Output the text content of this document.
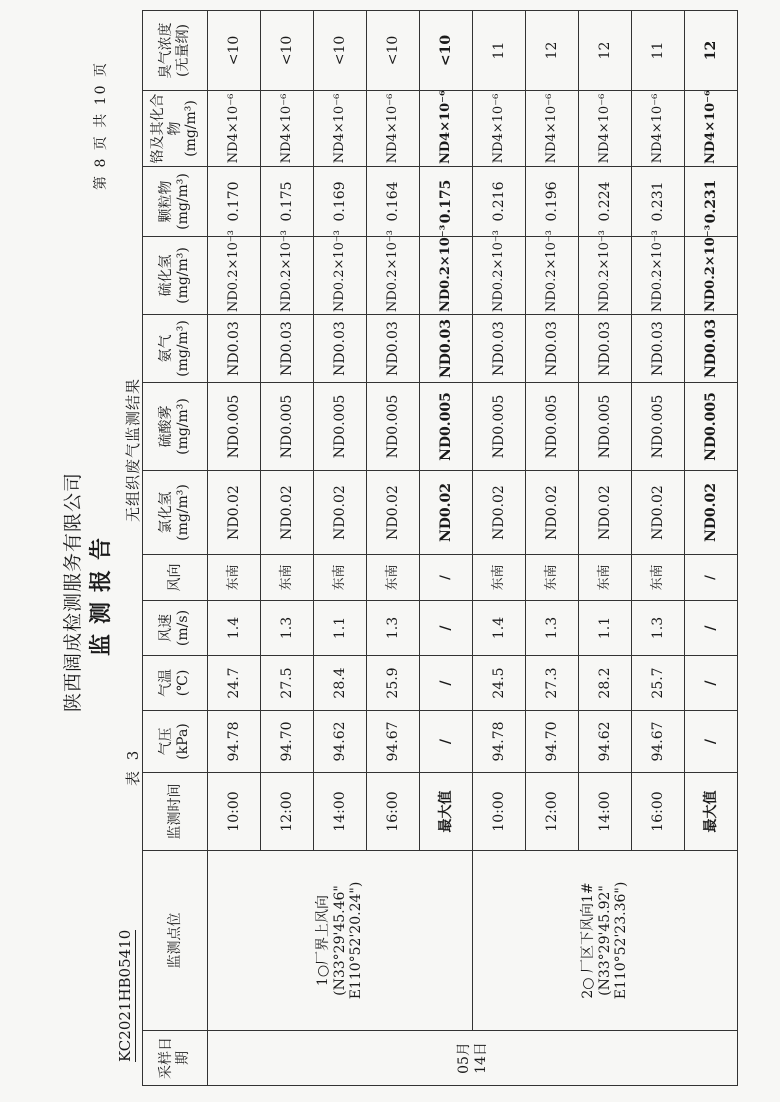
陕西阔成检测服务有限公司 监测报告
KC2021HB05410
表 3
无组织废气监测结果
第 8 页 共 10 页
采样日期	监测点位	监测时间	气压 (kPa)	气温 (℃)	风速 (m/s)	风向	氯化氢 (mg/m³)	硫酸雾 (mg/m³)	氨气 (mg/m³)	硫化氢 (mg/m³)	颗粒物 (mg/m³)	铬及其化合物 (mg/m³)	臭气浓度 (无量纲)
05月 14日	1○厂界上风向 (N33°29'45.46" E110°52'20.24")	10:00	94.78	24.7	1.4	东南	ND0.02	ND0.005	ND0.03	ND0.2×10⁻³	0.170	ND4×10⁻⁶	<10
		12:00	94.70	27.5	1.3	东南	ND0.02	ND0.005	ND0.03	ND0.2×10⁻³	0.175	ND4×10⁻⁶	<10
		14:00	94.62	28.4	1.1	东南	ND0.02	ND0.005	ND0.03	ND0.2×10⁻³	0.169	ND4×10⁻⁶	<10
		16:00	94.67	25.9	1.3	东南	ND0.02	ND0.005	ND0.03	ND0.2×10⁻³	0.164	ND4×10⁻⁶	<10
		最大值	/	/	/	/	ND0.02	ND0.005	ND0.03	ND0.2×10⁻³	0.175	ND4×10⁻⁶	<10
	2○ 厂区下风向1# (N33°29'45.92" E110°52'23.36")	10:00	94.78	24.5	1.4	东南	ND0.02	ND0.005	ND0.03	ND0.2×10⁻³	0.216	ND4×10⁻⁶	11
		12:00	94.70	27.3	1.3	东南	ND0.02	ND0.005	ND0.03	ND0.2×10⁻³	0.196	ND4×10⁻⁶	12
		14:00	94.62	28.2	1.1	东南	ND0.02	ND0.005	ND0.03	ND0.2×10⁻³	0.224	ND4×10⁻⁶	12
		16:00	94.67	25.7	1.3	东南	ND0.02	ND0.005	ND0.03	ND0.2×10⁻³	0.231	ND4×10⁻⁶	11
		最大值	/	/	/	/	ND0.02	ND0.005	ND0.03	ND0.2×10⁻³	0.231	ND4×10⁻⁶	12
